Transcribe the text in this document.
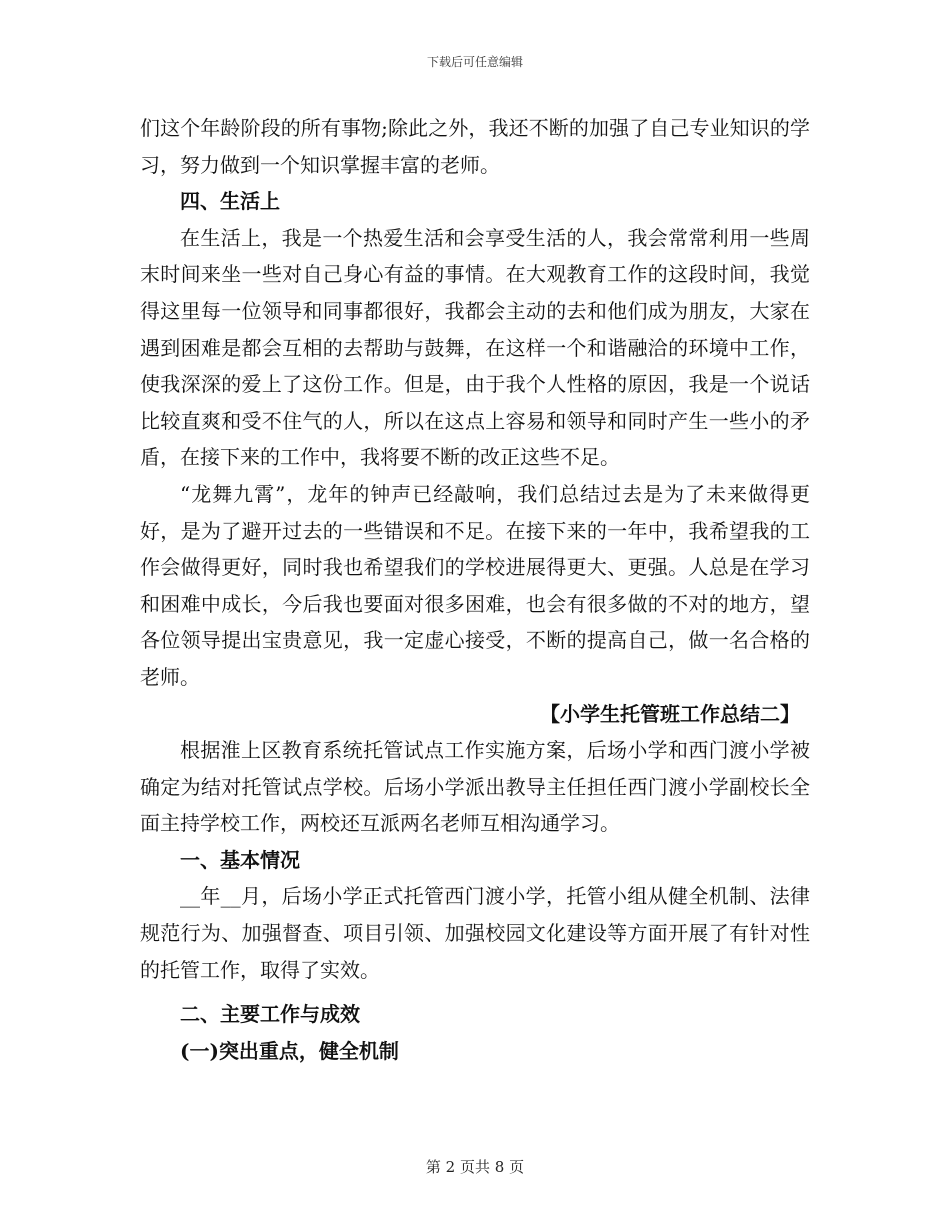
下载后可任意编辑

们这个年龄阶段的所有事物;除此之外，我还不断的加强了自己专业知识的学习，努力做到一个知识掌握丰富的老师。

四、生活上

在生活上，我是一个热爱生活和会享受生活的人，我会常常利用一些周末时间来坐一些对自己身心有益的事情。在大观教育工作的这段时间，我觉得这里每一位领导和同事都很好，我都会主动的去和他们成为朋友，大家在遇到困难是都会互相的去帮助与鼓舞，在这样一个和谐融洽的环境中工作，使我深深的爱上了这份工作。但是，由于我个人性格的原因，我是一个说话比较直爽和受不住气的人，所以在这点上容易和领导和同时产生一些小的矛盾，在接下来的工作中，我将要不断的改正这些不足。

“龙舞九霄”，龙年的钟声已经敲响，我们总结过去是为了未来做得更好，是为了避开过去的一些错误和不足。在接下来的一年中，我希望我的工作会做得更好，同时我也希望我们的学校进展得更大、更强。人总是在学习和困难中成长，今后我也要面对很多困难，也会有很多做的不对的地方，望各位领导提出宝贵意见，我一定虚心接受，不断的提高自己，做一名合格的老师。

【小学生托管班工作总结二】

根据淮上区教育系统托管试点工作实施方案，后场小学和西门渡小学被确定为结对托管试点学校。后场小学派出教导主任担任西门渡小学副校长全面主持学校工作，两校还互派两名老师互相沟通学习。

一、基本情况

__年__月，后场小学正式托管西门渡小学，托管小组从健全机制、法律规范行为、加强督查、项目引领、加强校园文化建设等方面开展了有针对性的托管工作，取得了实效。

二、主要工作与成效

(一)突出重点，健全机制

第 2 页共 8 页
